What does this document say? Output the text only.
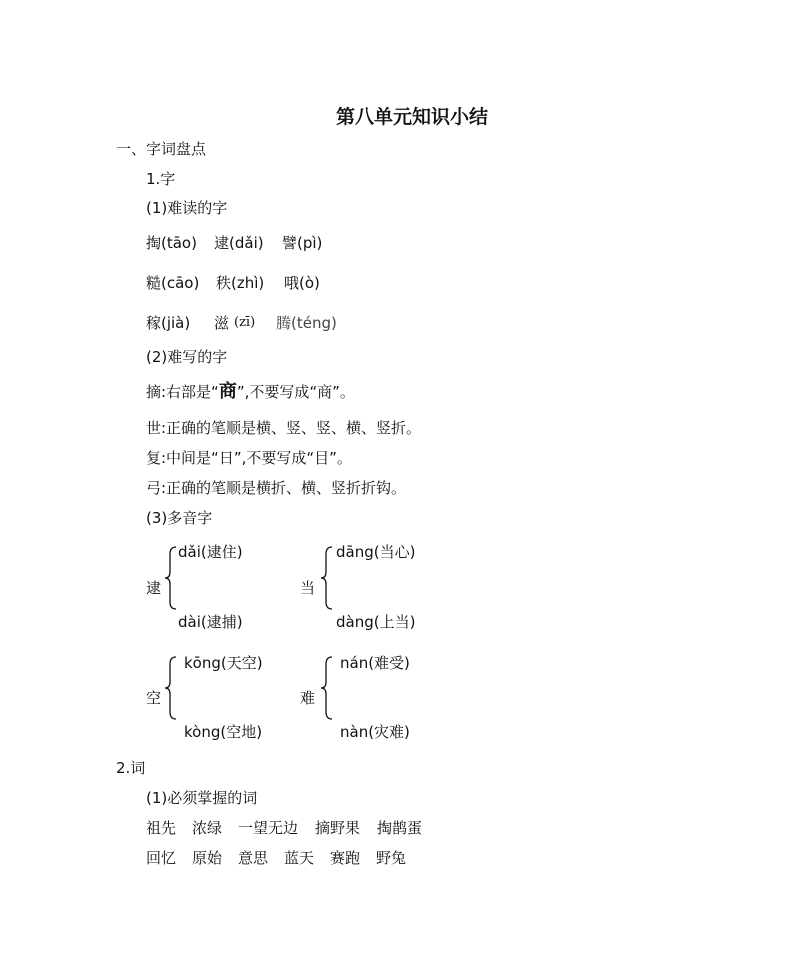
第八单元知识小结
一、字词盘点
1.字
(1)难读的字
掏(tāo) 逮(dǎi) 譬(pì)
糙(cāo) 秩(zhì) 哦(ò)
稼(jià) 滋 (zī) 腾(téng)
(2)难写的字
摘:右部是“商”,不要写成“商”。
世:正确的笔顺是横、竖、竖、横、竖折。
复:中间是“日”,不要写成“目”。
弓:正确的笔顺是横折、横、竖折折钩。
(3)多音字
逮
dǎi(逮住)
dài(逮捕)
当
dāng(当心)
dàng(上当)
空
kōng(天空)
kòng(空地)
难
nán(难受)
nàn(灾难)
2.词
(1)必须掌握的词
祖先 浓绿 一望无边 摘野果 掏鹊蛋
回忆 原始 意思 蓝天 赛跑 野兔
